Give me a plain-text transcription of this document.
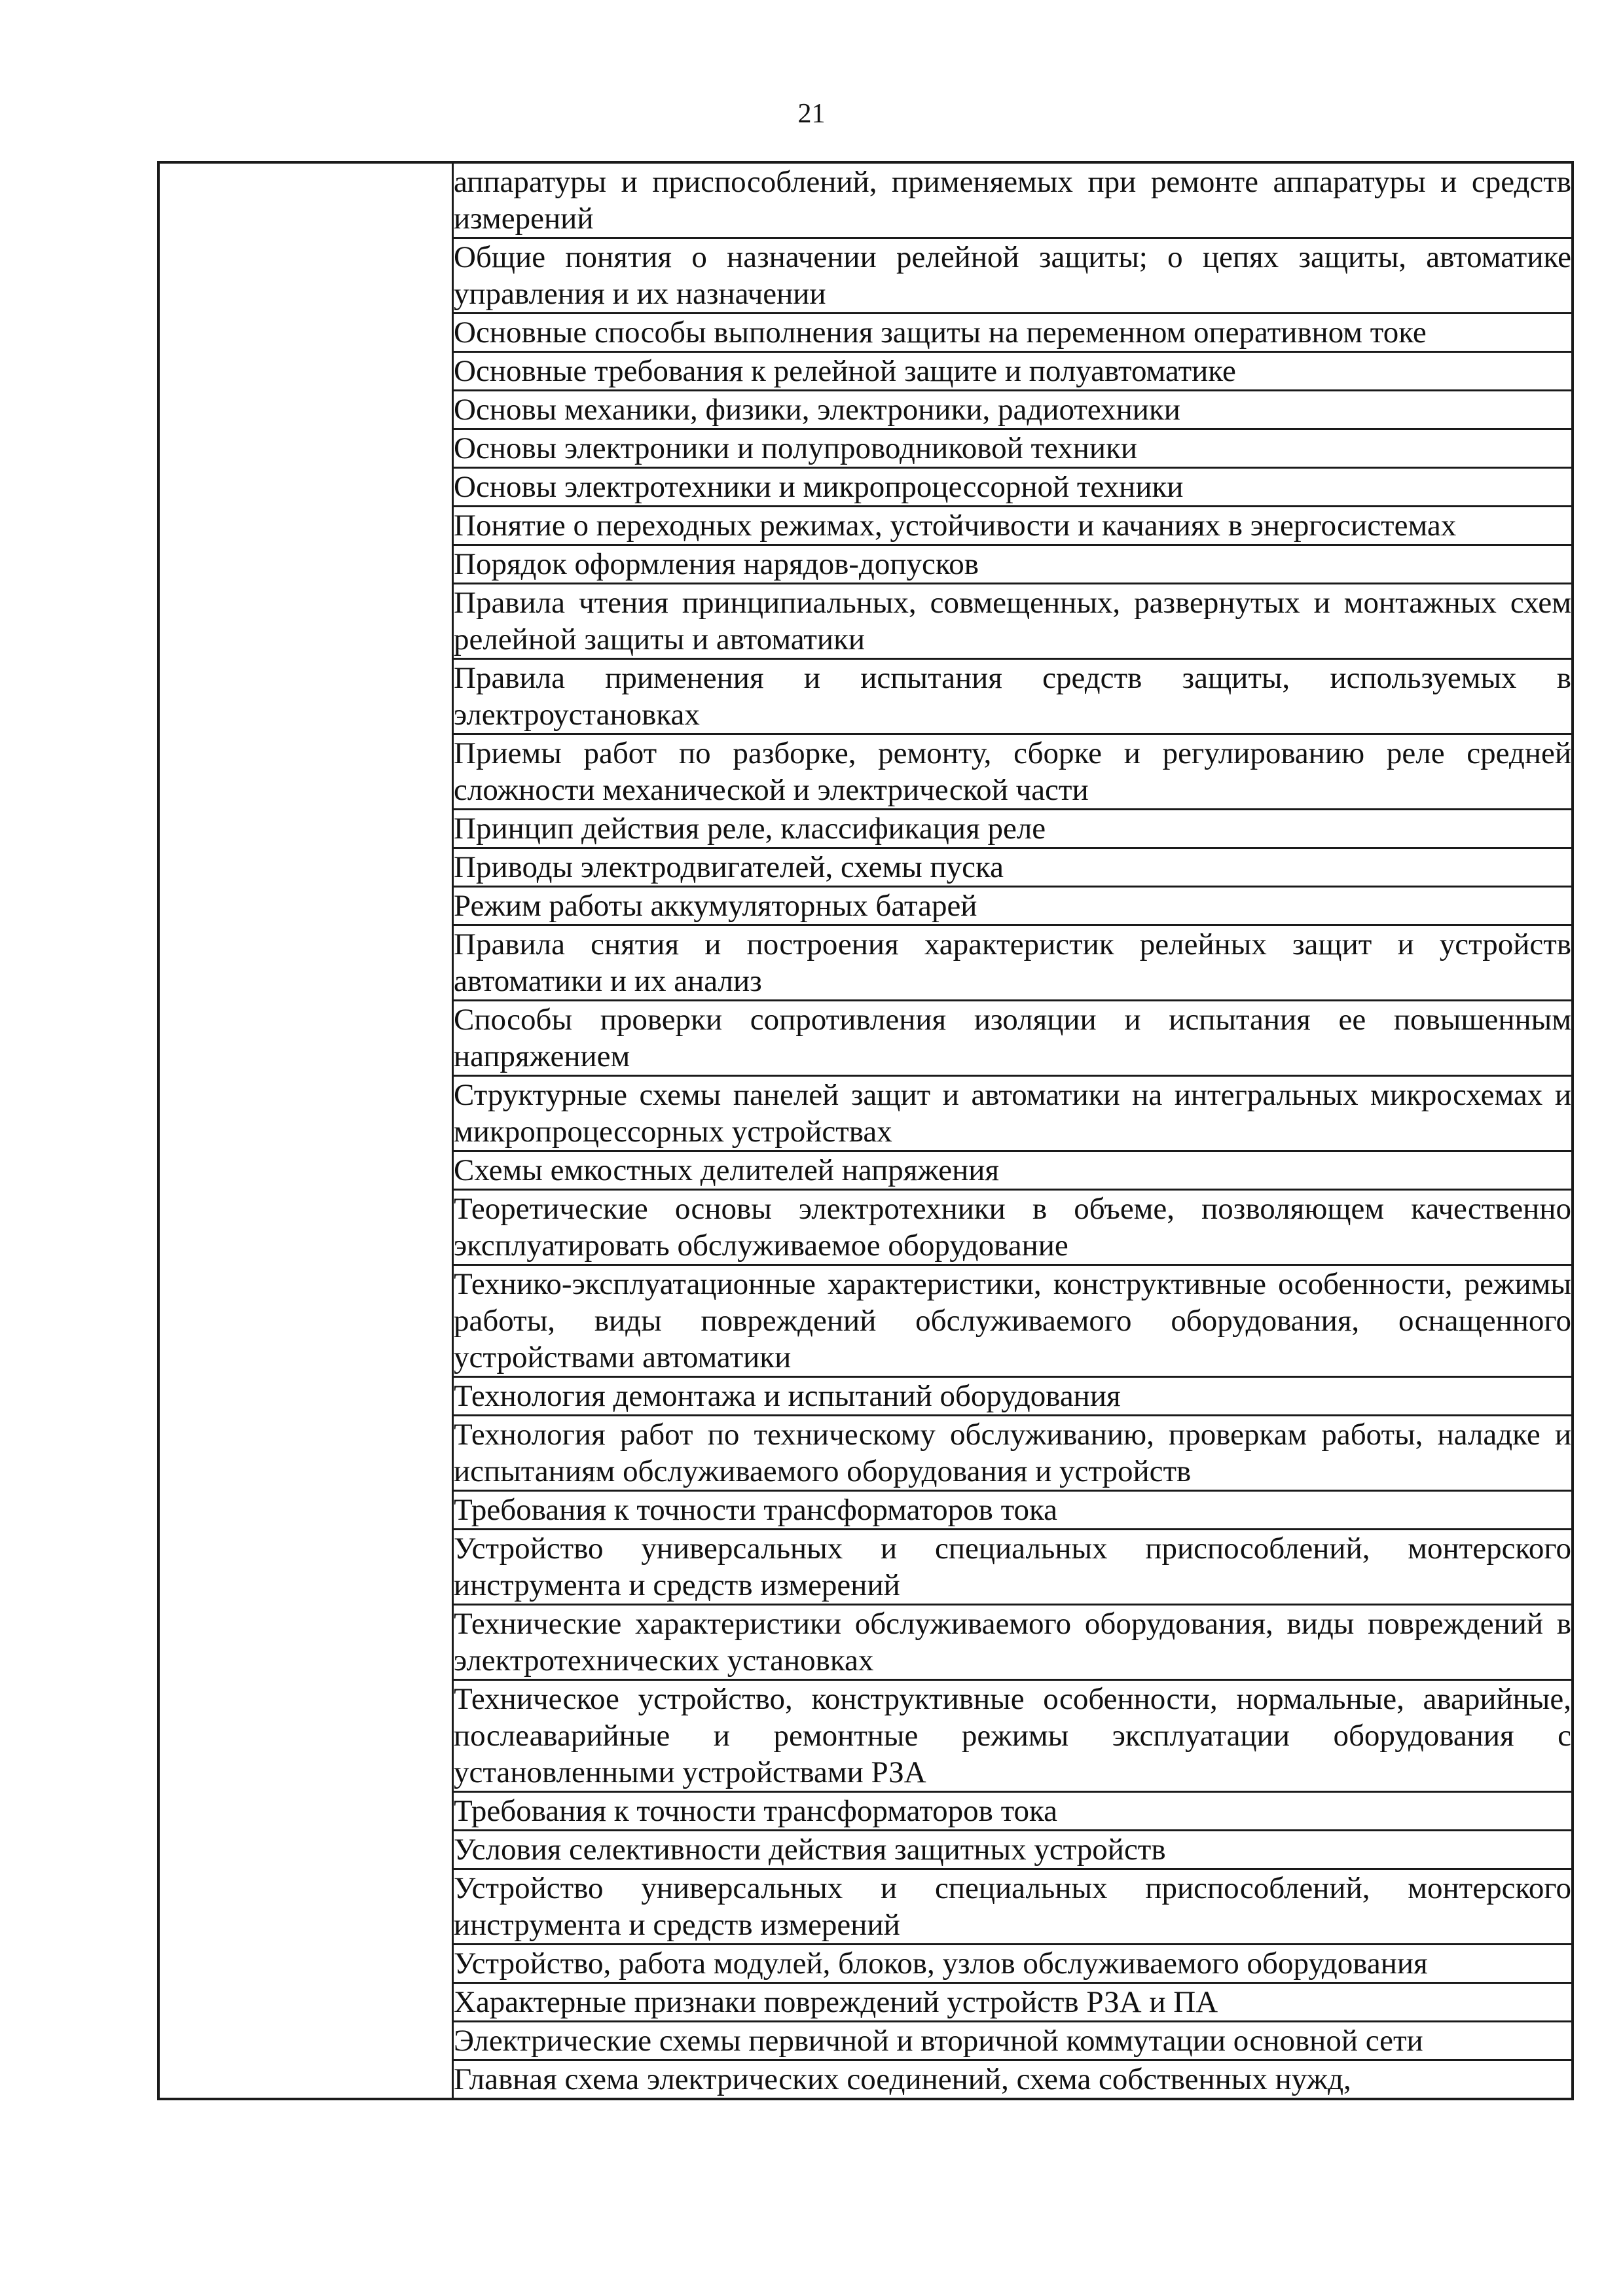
21
	аппаратуры и приспособлений, применяемых при ремонте аппаратуры и средств измерений
Общие понятия о назначении релейной защиты; о цепях защиты, автоматике управления и их назначении
Основные способы выполнения защиты на переменном оперативном токе
Основные требования к релейной защите и полуавтоматике
Основы механики, физики, электроники, радиотехники
Основы электроники и полупроводниковой техники
Основы электротехники и микропроцессорной техники
Понятие о переходных режимах, устойчивости и качаниях в энергосистемах
Порядок оформления нарядов-допусков
Правила чтения принципиальных, совмещенных, развернутых и монтажных схем релейной защиты и автоматики
Правила применения и испытания средств защиты, используемых в электроустановках
Приемы работ по разборке, ремонту, сборке и регулированию реле средней сложности механической и электрической части
Принцип действия реле, классификация реле
Приводы электродвигателей, схемы пуска
Режим работы аккумуляторных батарей
Правила снятия и построения характеристик релейных защит и устройств автоматики и их анализ
Способы проверки сопротивления изоляции и испытания ее повышенным напряжением
Структурные схемы панелей защит и автоматики на интегральных микросхемах и микропроцессорных устройствах
Схемы емкостных делителей напряжения
Теоретические основы электротехники в объеме, позволяющем качественно эксплуатировать обслуживаемое оборудование
Технико-эксплуатационные характеристики, конструктивные особенности, режимы работы, виды повреждений обслуживаемого оборудования, оснащенного устройствами автоматики
Технология демонтажа и испытаний оборудования
Технология работ по техническому обслуживанию, проверкам работы, наладке и испытаниям обслуживаемого оборудования и устройств
Требования к точности трансформаторов тока
Устройство универсальных и специальных приспособлений, монтерского инструмента и средств измерений
Технические характеристики обслуживаемого оборудования, виды повреждений в электротехнических установках
Техническое устройство, конструктивные особенности, нормальные, аварийные, послеаварийные и ремонтные режимы эксплуатации оборудования с установленными устройствами РЗА
Требования к точности трансформаторов тока
Условия селективности действия защитных устройств
Устройство универсальных и специальных приспособлений, монтерского инструмента и средств измерений
Устройство, работа модулей, блоков, узлов обслуживаемого оборудования
Характерные признаки повреждений устройств РЗА и ПА
Электрические схемы первичной и вторичной коммутации основной сети
Главная схема электрических соединений, схема собственных нужд,
